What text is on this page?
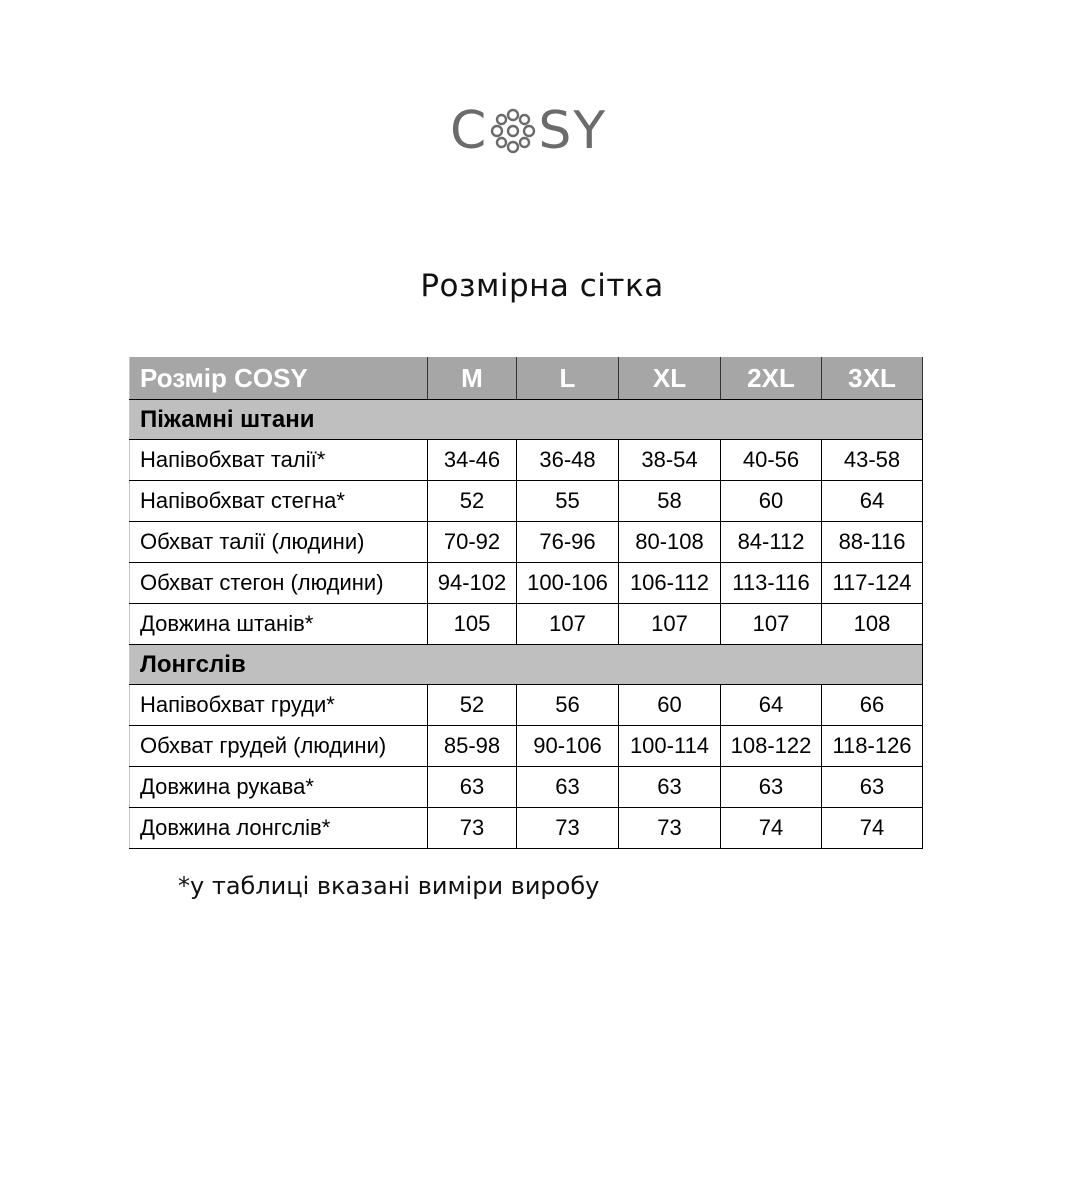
C S Y
Розмірна сітка
Розмір COSY	M	L	XL	2XL	3XL
Піжамні штани					
Напівобхват талії*	34-46	36-48	38-54	40-56	43-58
Напівобхват стегна*	52	55	58	60	64
Обхват талії (людини)	70-92	76-96	80-108	84-112	88-116
Обхват стегон (людини)	94-102	100-106	106-112	113-116	117-124
Довжина штанів*	105	107	107	107	108
Лонгслів					
Напівобхват груди*	52	56	60	64	66
Обхват грудей (людини)	85-98	90-106	100-114	108-122	118-126
Довжина рукава*	63	63	63	63	63
Довжина лонгслів*	73	73	73	74	74
*у таблиці вказані виміри виробу
